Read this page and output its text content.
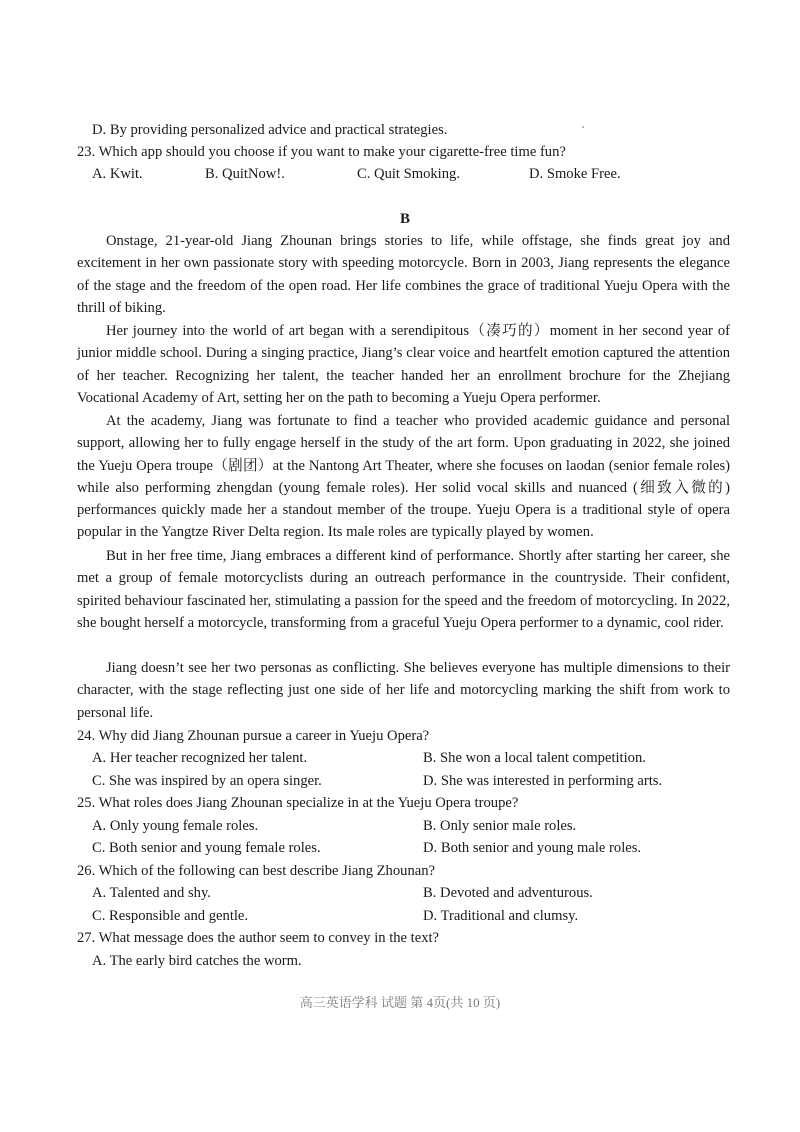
D. By providing personalized advice and practical strategies.
23. Which app should you choose if you want to make your cigarette-free time fun?
A. Kwit.	B. QuitNow!.	C. Quit Smoking.	D. Smoke Free.
B

Onstage, 21-year-old Jiang Zhounan brings stories to life, while offstage, she finds great joy and excitement in her own passionate story with speeding motorcycle. Born in 2003, Jiang represents the elegance of the stage and the freedom of the open road. Her life combines the grace of traditional Yueju Opera with the thrill of biking.

Her journey into the world of art began with a serendipitous（凑巧的）moment in her second year of junior middle school. During a singing practice, Jiang’s clear voice and heartfelt emotion captured the attention of her teacher. Recognizing her talent, the teacher handed her an enrollment brochure for the Zhejiang Vocational Academy of Art, setting her on the path to becoming a Yueju Opera performer.

At the academy, Jiang was fortunate to find a teacher who provided academic guidance and personal support, allowing her to fully engage herself in the study of the art form. Upon graduating in 2022, she joined the Yueju Opera troupe（剧团）at the Nantong Art Theater, where she focuses on laodan (senior female roles) while also performing zhengdan (young female roles). Her solid vocal skills and nuanced (细致入微的) performances quickly made her a standout member of the troupe. Yueju Opera is a traditional style of opera popular in the Yangtze River Delta region. Its male roles are typically played by women.

But in her free time, Jiang embraces a different kind of performance. Shortly after starting her career, she met a group of female motorcyclists during an outreach performance in the countryside. Their confident, spirited behaviour fascinated her, stimulating a passion for the speed and the freedom of motorcycling. In 2022, she bought herself a motorcycle, transforming from a graceful Yueju Opera performer to a dynamic, cool rider.

Jiang doesn’t see her two personas as conflicting. She believes everyone has multiple dimensions to their character, with the stage reflecting just one side of her life and motorcycling marking the shift from work to personal life.

24. Why did Jiang Zhounan pursue a career in Yueju Opera?
A. Her teacher recognized her talent.	B. She won a local talent competition.
C. She was inspired by an opera singer.	D. She was interested in performing arts.
25. What roles does Jiang Zhounan specialize in at the Yueju Opera troupe?
A. Only young female roles.	B. Only senior male roles.
C. Both senior and young female roles.	D. Both senior and young male roles.
26. Which of the following can best describe Jiang Zhounan?
A. Talented and shy.	B. Devoted and adventurous.
C. Responsible and gentle.	D. Traditional and clumsy.
27. What message does the author seem to convey in the text?
A. The early bird catches the worm.
高三英语学科 试题 第 4页(共 10 页)
